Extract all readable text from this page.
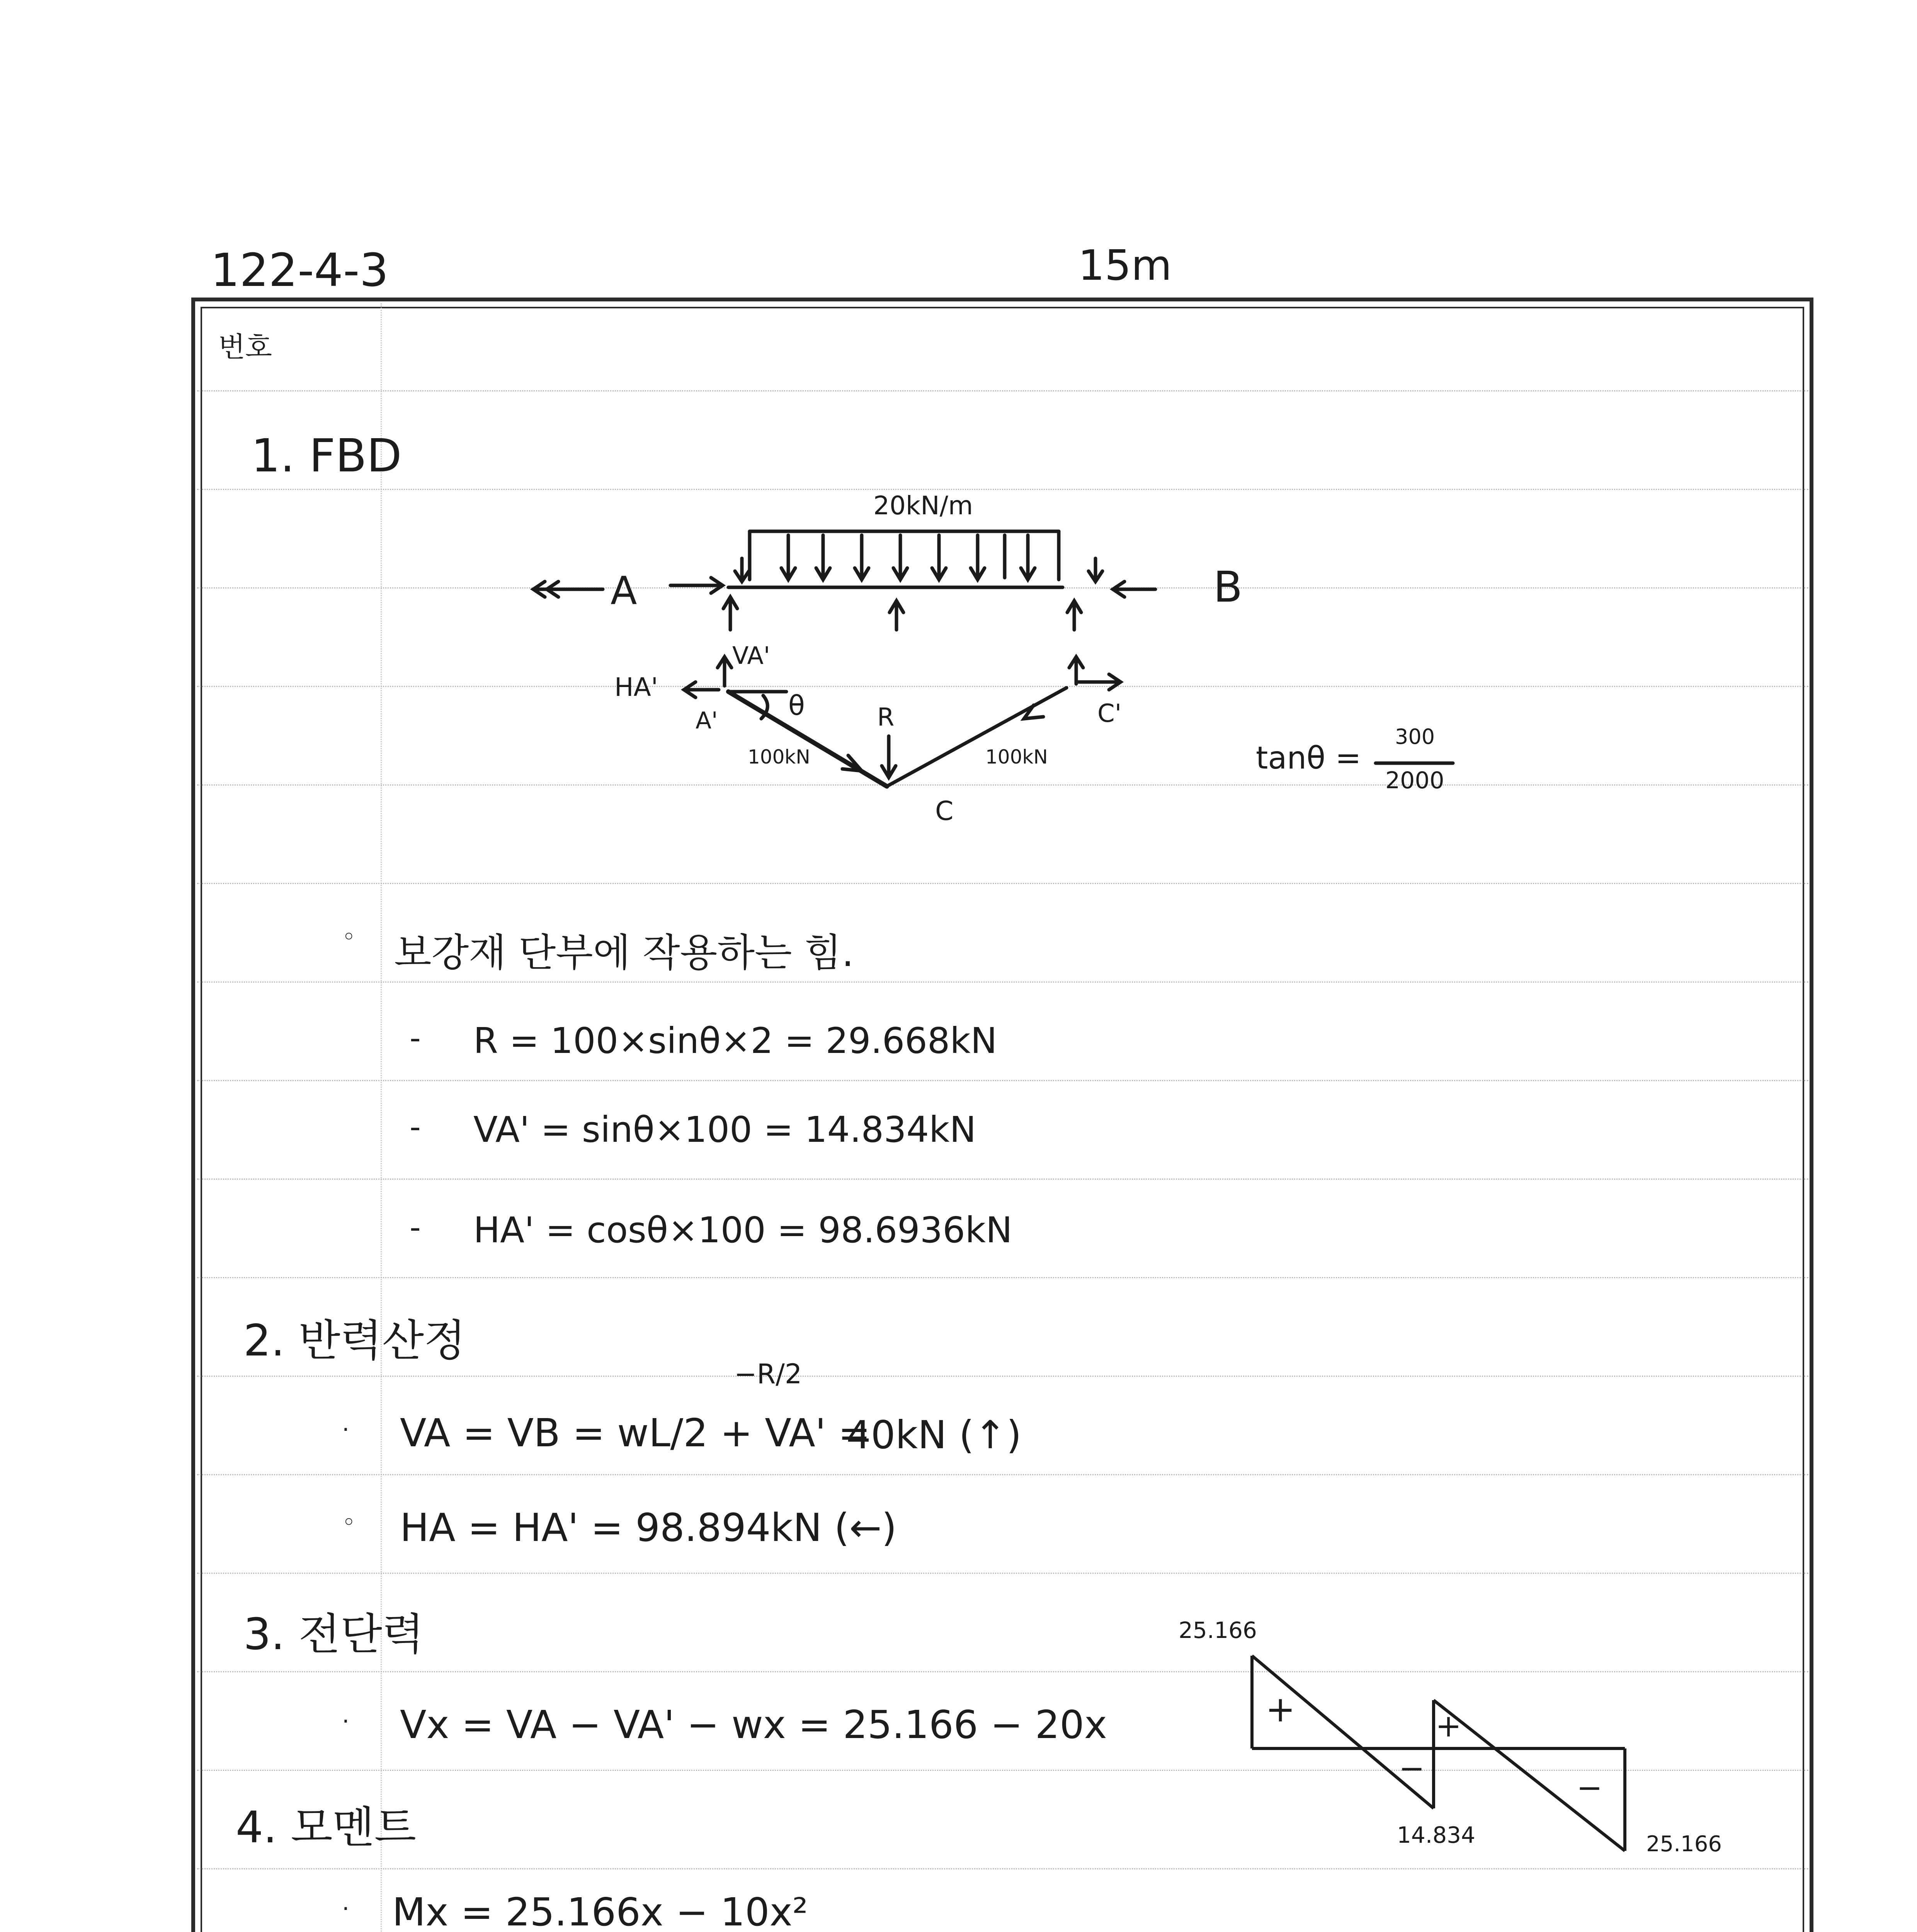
122-4-3	15m
번호
1. FBD
20kN/m
A	B
VA'
HA'
A'	θ	R
C
C'
100kN	100kN	tanθ =
300
2000
◦ 보강재 단부에 작용하는 힘.
- R = 100×sinθ×2 = 29.668kN
- VA' = sinθ×100 = 14.834kN
- HA' = cosθ×100 = 98.6936kN
2. 반력산정
· VA = VB = wL/2 + VA' =
−R/2
40kN (↑)
◦ HA = HA' = 98.894kN (←)
3. 전단력
· Vx = VA − VA' − wx = 25.166 − 20x
25.166
+	+
−
−
14.834	25.166
4. 모멘트
· Mx = 25.166x − 10x²
